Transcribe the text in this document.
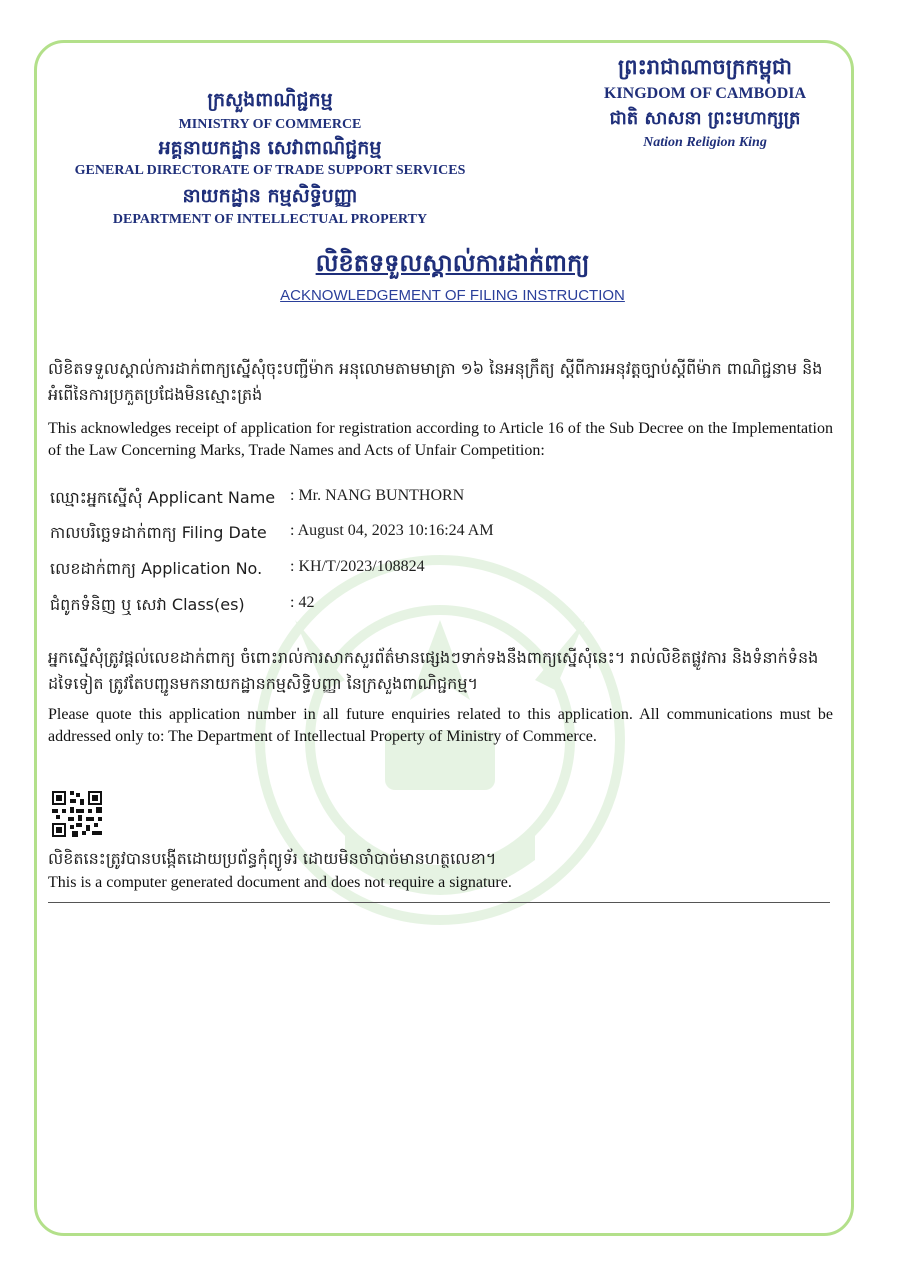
ក្រសួងពាណិជ្ជកម្ម
MINISTRY OF COMMERCE
អគ្គនាយកដ្ឋាន សេវាពាណិជ្ជកម្ម
GENERAL DIRECTORATE OF TRADE SUPPORT SERVICES
នាយកដ្ឋាន កម្មសិទ្ធិបញ្ញា
DEPARTMENT OF INTELLECTUAL PROPERTY
ព្រះរាជាណាចក្រកម្ពុជា
KINGDOM OF CAMBODIA
ជាតិ សាសនា ព្រះមហាក្សត្រ
Nation Religion King
លិខិតទទួលស្គាល់ការដាក់ពាក្យ
ACKNOWLEDGEMENT OF FILING INSTRUCTION
លិខិតទទួលស្គាល់ការដាក់ពាក្យស្នើសុំចុះបញ្ជីម៉ាក អនុលោមតាមមាត្រា ១៦ នៃអនុក្រឹត្យ ស្តីពីការអនុវត្តច្បាប់ស្តីពីម៉ាក ពាណិជ្ជនាម និងអំពើនៃការប្រកួតប្រជែងមិនស្មោះត្រង់
This acknowledges receipt of application for registration according to Article 16 of the Sub Decree on the Implementation of the Law Concerning Marks, Trade Names and Acts of Unfair Competition:
ឈ្មោះអ្នកស្នើសុំ Applicant Name : Mr. NANG BUNTHORN
កាលបរិច្ឆេទដាក់ពាក្យ Filing Date	: August 04, 2023 10:16:24 AM
លេខដាក់ពាក្យ Application No.	: KH/T/2023/108824
ជំពូកទំនិញ ឬ សេវា Class(es)	: 42
អ្នកស្នើសុំត្រូវផ្តល់លេខដាក់ពាក្យ ចំពោះរាល់ការសាកសួរព័ត៌មានផ្សេងៗទាក់ទងនឹងពាក្យស្នើសុំនេះ។ រាល់លិខិតផ្លូវការ និងទំនាក់ទំនងដទៃទៀត ត្រូវតែបញ្ជូនមកនាយកដ្ឋានកម្មសិទ្ធិបញ្ញា នៃក្រសួងពាណិជ្ជកម្ម។
Please quote this application number in all future enquiries related to this application. All communications must be addressed only to: The Department of Intellectual Property of Ministry of Commerce.
លិខិតនេះត្រូវបានបង្កើតដោយប្រព័ន្ធកុំព្យូទ័រ ដោយមិនចាំបាច់មានហត្ថលេខា។
This is a computer generated document and does not require a signature.
